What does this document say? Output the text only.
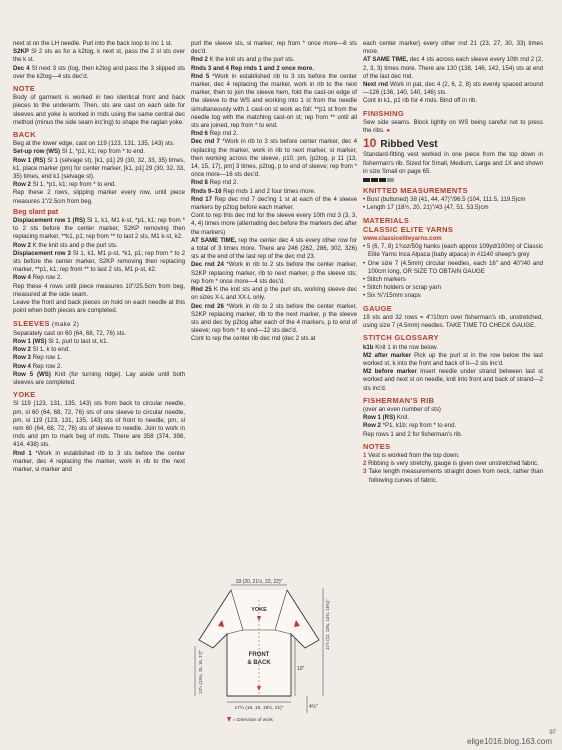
next st on the LH needle. Purl into the back loop to inc 1 st.

S2KP Sl 2 sts as for a k2tog, k next st, pass the 2 sl sts over the k st.

Dec 4 Sl next 3 sts (tog, then k2tog and pass the 3 slipped sts over the k2tog—4 sts dec'd.

NOTE

Body of garment is worked in two identical front and back pieces to the underarm. Then, sts are cast on each side for sleeves and yoke is worked in rnds using the same central dec method (minus the side seam inc'ing) to shape the raglan yoke.

BACK

Beg at the lower edge, cast on 119 (123, 131, 135, 143) sts.

Set-up row (WS) Sl 1, *p1, k1; rep from * to end.

Row 1 (RS) Sl 1 (selvage st), [k1, p1] 29 (30, 32, 33, 35) times, k1, place marker (pm) for center marker, [k1, p1] 29 (30, 32, 33, 35) times, end k1 (selvage st).

Row 2 Sl 1, *p1, k1; rep from * to end.

Rep these 2 rows, slipping marker every row, until piece measures 1"/2.5cm from beg.

Beg slant pat

Displacement row 1 (RS) Sl 1, k1, M1 k-st, *p1, k1; rep from * to 2 sts before the center marker, S2KP removing then replacing marker, **k1, p1; rep from ** to last 2 sts, M1 k-st, k2.

Row 2 K the knit sts and p the purl sts.

Displacement row 3 Sl 1, k1, M1 p-st, *k1, p1; rep from * to 2 sts before the center marker, S2KP removing then replacing marker, **p1, k1; rep from ** to last 2 sts, M1 p-st, k2.

Row 4 Rep row 2.

Rep these 4 rows until piece measures 10"/25.5cm from beg, measured at the side seam.

Leave the front and back pieces on hold on each needle at this point when both pieces are completed.

SLEEVES (make 2)

Separately cast on 60 (64, 68, 72, 76) sts.

Row 1 (WS) Sl 1, purl to last st, k1.

Row 2 Sl 1, k to end.

Row 3 Rep row 1.

Row 4 Rep row 2.

Row 5 (WS) Knit (for turning ridge). Lay aside until both sleeves are completed.

YOKE

Sl 119 (123, 131, 135, 143) sts from back to circular needle, pm, sl 60 (64, 68, 72, 76) sts of one sleeve to circular needle, pm, sl 119 (123, 131, 135, 143) sts of front to needle, pm, sl rem 60 (64, 68, 72, 76) sts of sleeve to needle. Join to work in rnds and pm to mark beg of rnds. There are 358 (374, 398, 414, 438) sts.

Rnd 1 *Work in established rib to 3 sts before the center marker, dec 4 replacing the marker, work in rib to the next marker, sl marker and

purl the sleeve sts, sl marker, rep from * once more—8 sts dec'd.

Rnd 2 K the knit sts and p the purl sts.

Rnds 3 and 4 Rep rnds 1 and 2 once more.

Rnd 5 *Work in established rib to 3 sts before the center marker, dec 4 replacing the marker, work in rib to the next marker, then to join the sleeve hem, fold the cast-on edge of the sleeve to the WS and working into 1 st from the needle simultaneously with 1 cast-on st work as foll: **p1 st from the needle tog with the matching cast-on st; rep from ** until all sts are joined, rep from * to end.

Rnd 6 Rep rnd 2.

Dec rnd 7 *Work in rib to 3 sts before center marker, dec 4 replacing the marker, work in rib to next marker, sl marker, then working across the sleeve, p10, pm, [p2tog, p 11 (13, 14, 15, 17), pm] 3 times, p2tog, p to end of sleeve; rep from * once more—16 sts dec'd.

Rnd 8 Rep rnd 2.

Rnds 9–16 Rep rnds 1 and 2 four times more.

Rnd 17 Rep dec rnd 7 dec'ing 1 st at each of the 4 sleeve markers by p2tog before each marker.

Cont to rep this dec rnd for the sleeve every 10th rnd 3 (3, 3, 4, 4) times more (alternating dec before the markers dec after the markers)

AT SAME TIME, rep the center dec 4 sts every other row for a total of 3 times more. There are 246 (262, 286, 302, 326) sts at the end of the last rep of the dec rnd 23.

Dec rnd 24 *Work in rib to 2 sts before the center marker, S2KP replacing marker, rib to next marker, p the sleeve sts; rep from * once more—4 sts dec'd.

Rnd 25 K the knit sts and p the purl sts, working sleeve dec on sizes X-L and XX-L only.

Dec rnd 26 *Work in rib to 2 sts before the center marker, S2KP replacing marker, rib to the next marker, p the sleeve sts and dec by p2tog after each of the 4 markers, p to end of sleeve; rep from * to end—12 sts dec'd.

Cont to rep the center rib dec rnd (dec 2 sts at

19 (20, 21½, 22, 22)"
YOKE
FRONT
& BACK
12½ (13¾, 15, 16, 17)"
11½ (12, 13¾, 14¾, 15¾)"
10"
4½"
17½ (18, 19, 19½, 21)"
= Direction of work

each center marker) every other rnd 21 (23, 27, 30, 33) times more.

AT SAME TIME, dec 4 sts across each sleeve every 10th rnd 2 (2, 2, 3, 3) times more. There are 130 (138, 146, 142, 154) sts at end of the last dec rnd.

Next rnd Work in pat, dec 4 (2, 6, 2, 8) sts evenly spaced around—126 (136, 140, 140, 146) sts.

Cont in k1, p1 rib for 4 rnds. Bind off in rib.

FINISHING

Sew side seams. Block lightly on WS being careful not to press the ribs. ●

10 Ribbed Vest

Standard-fitting vest worked in one piece from the top down in fisherman's rib. Sized for Small, Medium, Large and 1X and shown in size Small on page 65.

KNITTED MEASUREMENTS

• Bust (buttoned) 38 (41, 44, 47)"/96.5 (104, 111.5, 119.5)cm

• Length 17 (18½, 20, 21)"/43 (47, 51, 53.5)cm

MATERIALS
CLASSIC ELITE YARNS

www.classiceliteyarns.com

• 5 (6, 7, 8) 1¾oz/50g hanks (each approx 109yd/100m) of Classic Elite Yarns Inca Alpaca (baby alpaca) in #1140 sheep's grey

• One size 7 (4.5mm) circular needles, each 16" and 40"/40 and 100cm long, OR SIZE TO OBTAIN GAUGE

• Stitch markers

• Stitch holders or scrap yarn

• Six ⅜"/15mm snaps

GAUGE

19 sts and 32 rows = 4"/10cm over fisherman's rib, unstretched, using size 7 (4.5mm) needles. TAKE TIME TO CHECK GAUGE.

STITCH GLOSSARY

k1b Knit 1 in the row below.

M2 after marker Pick up the purl st in the row below the last worked st, k into the front and back of it—2 sts inc'd.

M2 before marker Insert needle under strand between last st worked and next st on needle, knit into front and back of strand—2 sts inc'd.

FISHERMAN'S RIB

(over an even number of sts)

Row 1 (RS) Knit.

Row 2 *P1, k1b; rep from * to end.

Rep rows 1 and 2 for fisherman's rib.

NOTES

1 Vest is worked from the top down.

2 Ribbing is very stretchy, gauge is given over unstretched fabric.

3 Take length measurements straight down from neck, rather than following curves of fabric.

elige1016.blog.163.com
97
